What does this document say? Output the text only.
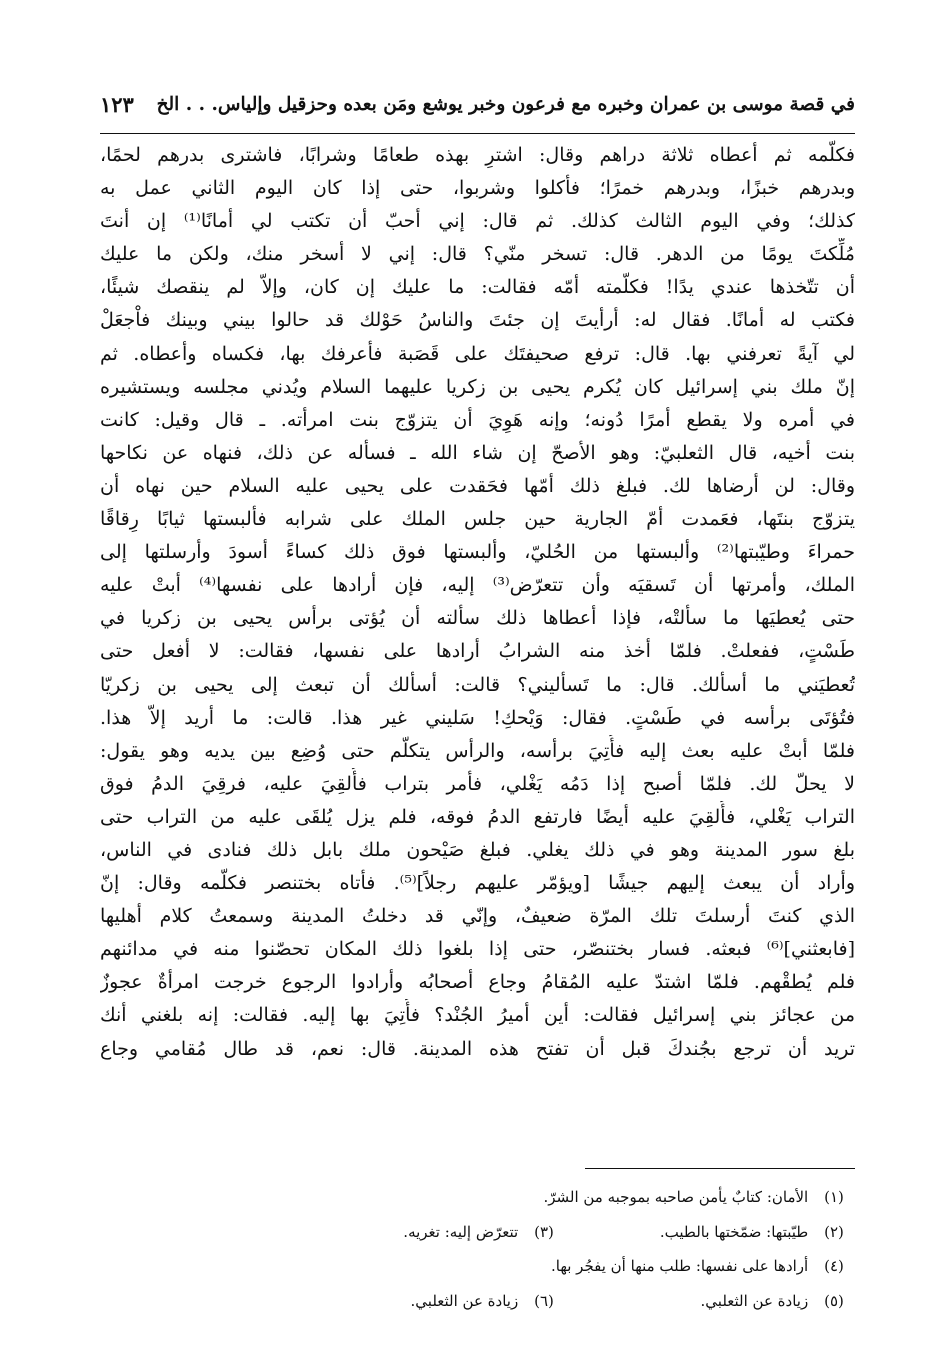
في قصة موسى بن عمران وخبره مع فرعون وخبر يوشع ومَن بعده وحزقيل وإلياس. . . الخ
١٢٣
فكلّمه ثم أعطاه ثلاثة دراهم وقال: اشترِ بهذه طعامًا وشرابًا، فاشترى بدرهم لحمًا،
وبدرهم خبزًا، وبدرهم خمرًا؛ فأكلوا وشربوا، حتى إذا كان اليوم الثاني عمل به
كذلك؛ وفي اليوم الثالث كذلك. ثم قال: إني أحبّ أن تكتب لي أمانًا⁽¹⁾ إن أنتَ
مُلِّكتَ يومًا من الدهر. قال: تسخر منّي؟ قال: إني لا أسخر منك، ولكن ما عليك
أن تتّخذها عندي يدًا! فكلّمته أمّه فقالت: ما عليك إن كان، وإلاّ لم ينقصك شيئًا،
فكتب له أمانًا. فقال له: أرأيتَ إن جئتَ والناسُ حَوْلك قد حالوا بيني وبينك فاْجعَلْ
لي آيةً تعرفني بها. قال: ترفع صحيفتَك على قَصَبة فأعرفك بها، فكساه وأعطاه. ثم
إنّ ملك بني إسرائيل كان يُكرم يحيى بن زكريا عليهما السلام ويُدني مجلسه ويستشيره
في أمره ولا يقطع أمرًا دُونه؛ وإنه هَوِيَ أن يتزوّج بنت امرأته. ـ قال وقيل: كانت
بنت أخيه، قال الثعلبيّ: وهو الأصحّ إن شاء الله ـ فسأله عن ذلك، فنهاه عن نكاحها
وقال: لن أرضاها لك. فبلغ ذلك أمّها فحَقدت على يحيى عليه السلام حين نهاه أن
يتزوّج بنتَها، فعَمدت أمّ الجارية حين جلس الملك على شرابه فألبستها ثيابًا رِقاقًا
حمراءَ وطيّبتها⁽²⁾ وألبستها من الحُليّ، وألبستها فوق ذلك كساءً أسودَ وأرسلتها إلى
الملك، وأمرتها أن تَسقيَه وأن تتعرّض⁽³⁾ إليه، فإن أرادها على نفسها⁽⁴⁾ أبتْ عليه
حتى يُعطيَها ما سألتْه، فإذا أعطاها ذلك سألته أن يُؤتى برأس يحيى بن زكريا في
طَسْتٍ، ففعلتْ. فلمّا أخذ منه الشرابُ أرادها على نفسها، فقالت: لا أفعل حتى
تُعطيَني ما أسألك. قال: ما تَسأليني؟ قالت: أسألك أن تبعث إلى يحيى بن زكريّا
فتُؤتَى برأسه في طَسْتٍ. فقال: وَيْحكِ! سَليني غير هذا. قالت: ما أريد إلاّ هذا.
فلمّا أبتْ عليه بعث إليه فأُتِيَ برأسه، والرأس يتكلّم حتى وُضِع بين يديه وهو يقول:
لا يحلّ لك. فلمّا أصبح إذا دَمُه يَغْلي، فأمر بتراب فأُلقِيَ عليه، فرقِيَ الدمُ فوق
التراب يَغْلي، فأُلقِيَ عليه أيضًا فارتفع الدمُ فوقه، فلم يزل يُلقَى عليه من التراب حتى
بلغ سور المدينة وهو في ذلك يغلي. فبلغ صَيْحون ملك بابل ذلك فنادى في الناس،
وأراد أن يبعث إليهم جيشًا [ويؤمّر عليهم رجلاً]⁽⁵⁾. فأتاه بختنصر فكلّمه وقال: إنّ
الذي كنتَ أرسلتَ تلك المرّة ضعيفٌ، وإنّي قد دخلتُ المدينة وسمعتُ كلام أهليها
[فابعثني]⁽⁶⁾ فبعثه. فسار بختنصّر، حتى إذا بلغوا ذلك المكان تحصّنوا منه في مدائنهم
فلم يُطقْهم. فلمّا اشتدّ عليه المُقامُ وجاع أصحابُه وأرادوا الرجوع خرجت امرأةٌ عجوزٌ
من عجائز بني إسرائيل فقالت: أين أميرُ الجُنْد؟ فأُتِيَ بها إليه. فقالت: إنه بلغني أنك
تريد أن ترجع بجُندكَ قبل أن تفتح هذه المدينة. قال: نعم، قد طال مُقامي وجاع
(١) الأمان: كتابٌ يأمن صاحبه بموجبه من الشرّ.
(٢) طيّبتها: ضمّختها بالطيب.
(٣) تتعرّض إليه: تغريه.
(٤) أرادها على نفسها: طلب منها أن يفجُر بها.
(٥) زيادة عن الثعلبي.
(٦) زيادة عن الثعلبي.
